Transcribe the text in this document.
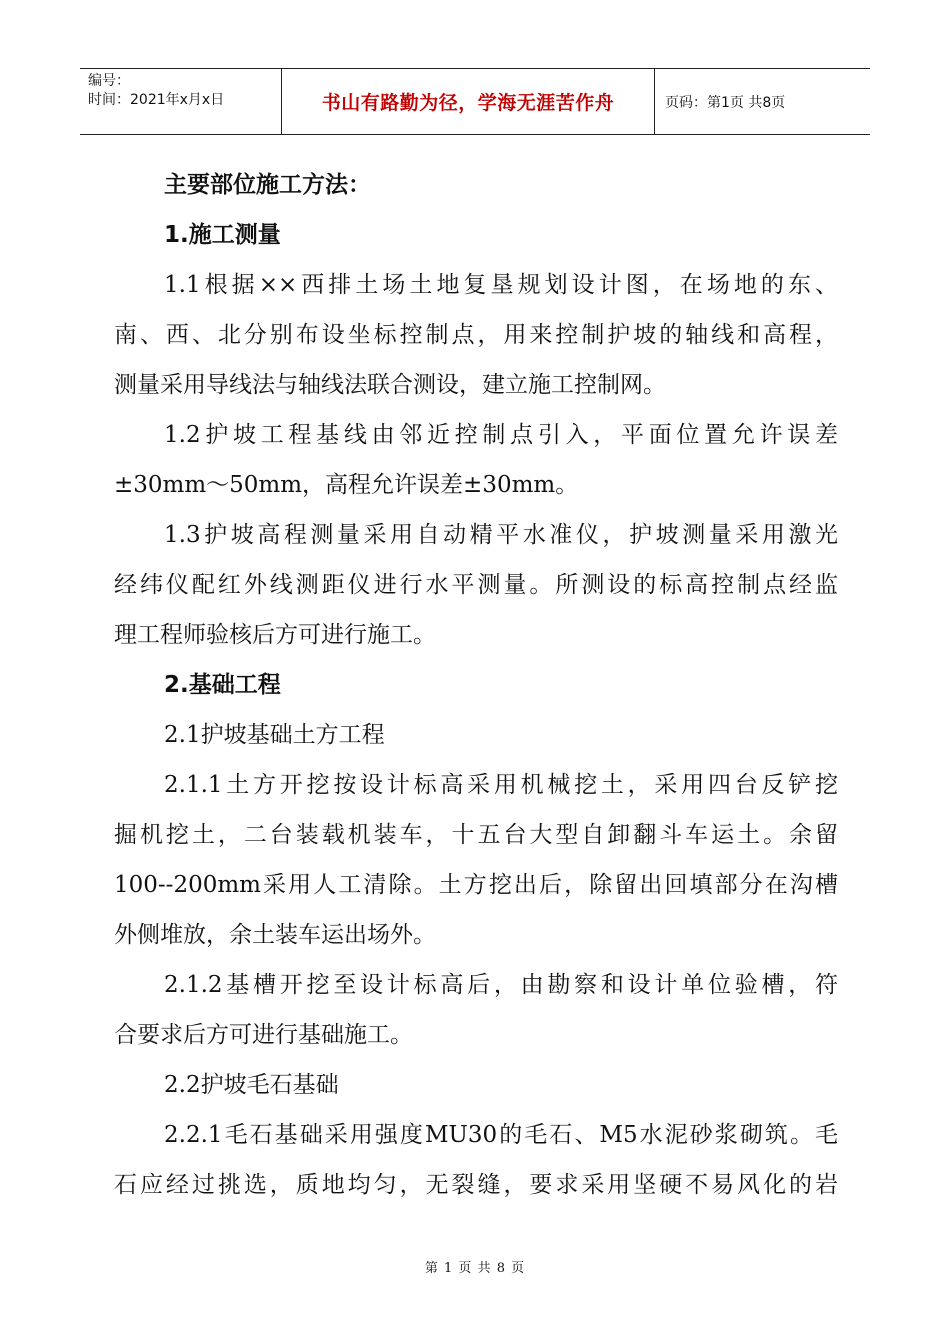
编号：
时间：2021年x月x日	书山有路勤为径，学海无涯苦作舟	页码：第1页 共8页
主要部位施工方法：
1.施工测量
1.1根据××西排土场土地复垦规划设计图，在场地的东、
南、西、北分别布设坐标控制点，用来控制护坡的轴线和高程，
测量采用导线法与轴线法联合测设，建立施工控制网。
1.2护坡工程基线由邻近控制点引入，平面位置允许误差
±30mm～50mm，高程允许误差±30mm。
1.3护坡高程测量采用自动精平水准仪，护坡测量采用激光
经纬仪配红外线测距仪进行水平测量。所测设的标高控制点经监
理工程师验核后方可进行施工。
2.基础工程
2.1护坡基础土方工程
2.1.1土方开挖按设计标高采用机械挖土，采用四台反铲挖
掘机挖土，二台装载机装车，十五台大型自卸翻斗车运土。余留
100--200mm采用人工清除。土方挖出后，除留出回填部分在沟槽
外侧堆放，余土装车运出场外。
2.1.2基槽开挖至设计标高后，由勘察和设计单位验槽，符
合要求后方可进行基础施工。
2.2护坡毛石基础
2.2.1毛石基础采用强度MU30的毛石、M5水泥砂浆砌筑。毛
石应经过挑选，质地均匀，无裂缝，要求采用坚硬不易风化的岩
第 1 页 共 8 页
